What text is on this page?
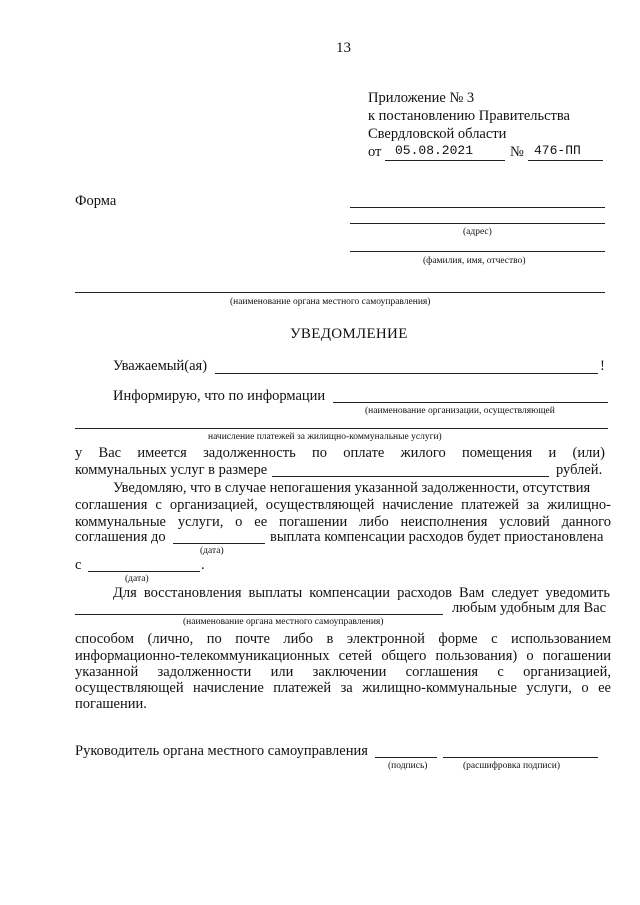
13
Приложение № 3
к постановлению Правительства
Свердловской области
от 05.08.2021	№ 476-ПП
Форма
(адрес)
(фамилия, имя, отчество)
(наименование органа местного самоуправления)
УВЕДОМЛЕНИЕ
Уважаемый(ая)	!
Информирую, что по информации
(наименование организации, осуществляющей
начисление платежей за жилищно-коммунальные услуги)
у Вас имеется задолженность по оплате жилого помещения и (или)
коммунальных услуг в размере	рублей.
Уведомляю, что в случае непогашения указанной задолженности, отсутствия
соглашения с организацией, осуществляющей начисление платежей за жилищно-
коммунальные услуги, о ее погашении либо неисполнения условий данного
соглашения до	выплата компенсации расходов будет приостановлена
(дата)
с	.
(дата)
Для восстановления выплаты компенсации расходов Вам следует уведомить
любым удобным для Вас
(наименование органа местного самоуправления)
способом (лично, по почте либо в электронной форме с использованием
информационно-телекоммуникационных сетей общего пользования) о погашении
указанной задолженности или заключении соглашения с организацией,
осуществляющей начисление платежей за жилищно-коммунальные услуги, о ее
погашении.
Руководитель органа местного самоуправления
(подпись)	(расшифровка подписи)
